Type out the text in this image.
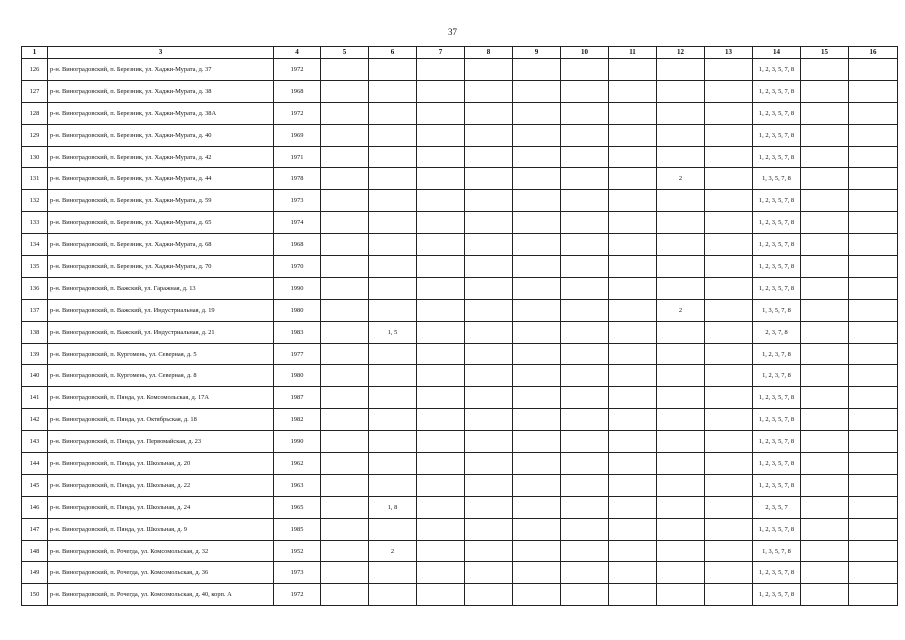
37
1	3	4	5	6	7	8	9	10	11	12	13	14	15	16
126	р-н. Виноградовский, п. Березник, ул. Хаджи-Мурата, д. 37	1972										1, 2, 3, 5, 7, 8		
127	р-н. Виноградовский, п. Березник, ул. Хаджи-Мурата, д. 38	1968										1, 2, 3, 5, 7, 8		
128	р-н. Виноградовский, п. Березник, ул. Хаджи-Мурата, д. 38А	1972										1, 2, 3, 5, 7, 8		
129	р-н. Виноградовский, п. Березник, ул. Хаджи-Мурата, д. 40	1969										1, 2, 3, 5, 7, 8		
130	р-н. Виноградовский, п. Березник, ул. Хаджи-Мурата, д. 42	1971										1, 2, 3, 5, 7, 8		
131	р-н. Виноградовский, п. Березник, ул. Хаджи-Мурата, д. 44	1978								2		1, 3, 5, 7, 8		
132	р-н. Виноградовский, п. Березник, ул. Хаджи-Мурата, д. 59	1973										1, 2, 3, 5, 7, 8		
133	р-н. Виноградовский, п. Березник, ул. Хаджи-Мурата, д. 65	1974										1, 2, 3, 5, 7, 8		
134	р-н. Виноградовский, п. Березник, ул. Хаджи-Мурата, д. 68	1968										1, 2, 3, 5, 7, 8		
135	р-н. Виноградовский, п. Березник, ул. Хаджи-Мурата, д. 70	1970										1, 2, 3, 5, 7, 8		
136	р-н. Виноградовский, п. Важский, ул. Гаражная, д. 13	1990										1, 2, 3, 5, 7, 8		
137	р-н. Виноградовский, п. Важский, ул. Индустриальная, д. 19	1980								2		1, 3, 5, 7, 8		
138	р-н. Виноградовский, п. Важский, ул. Индустриальная, д. 21	1983		1, 5								2, 3, 7, 8		
139	р-н. Виноградовский, п. Кургомень, ул. Северная, д. 5	1977										1, 2, 3, 7, 8		
140	р-н. Виноградовский, п. Кургомень, ул. Северная, д. 8	1980										1, 2, 3, 7, 8		
141	р-н. Виноградовский, п. Пянда, ул. Комсомольская, д. 17А	1987										1, 2, 3, 5, 7, 8		
142	р-н. Виноградовский, п. Пянда, ул. Октябрьская, д. 18	1982										1, 2, 3, 5, 7, 8		
143	р-н. Виноградовский, п. Пянда, ул. Первомайская, д. 23	1990										1, 2, 3, 5, 7, 8		
144	р-н. Виноградовский, п. Пянда, ул. Школьная, д. 20	1962										1, 2, 3, 5, 7, 8		
145	р-н. Виноградовский, п. Пянда, ул. Школьная, д. 22	1963										1, 2, 3, 5, 7, 8		
146	р-н. Виноградовский, п. Пянда, ул. Школьная, д. 24	1965		1, 8								2, 3, 5, 7		
147	р-н. Виноградовский, п. Пянда, ул. Школьная, д. 9	1985										1, 2, 3, 5, 7, 8		
148	р-н. Виноградовский, п. Рочегда, ул. Комсомольская, д. 32	1952		2								1, 3, 5, 7, 8		
149	р-н. Виноградовский, п. Рочегда, ул. Комсомольская, д. 36	1973										1, 2, 3, 5, 7, 8		
150	р-н. Виноградовский, п. Рочегда, ул. Комсомольская, д. 40, корп. А	1972										1, 2, 3, 5, 7, 8		
